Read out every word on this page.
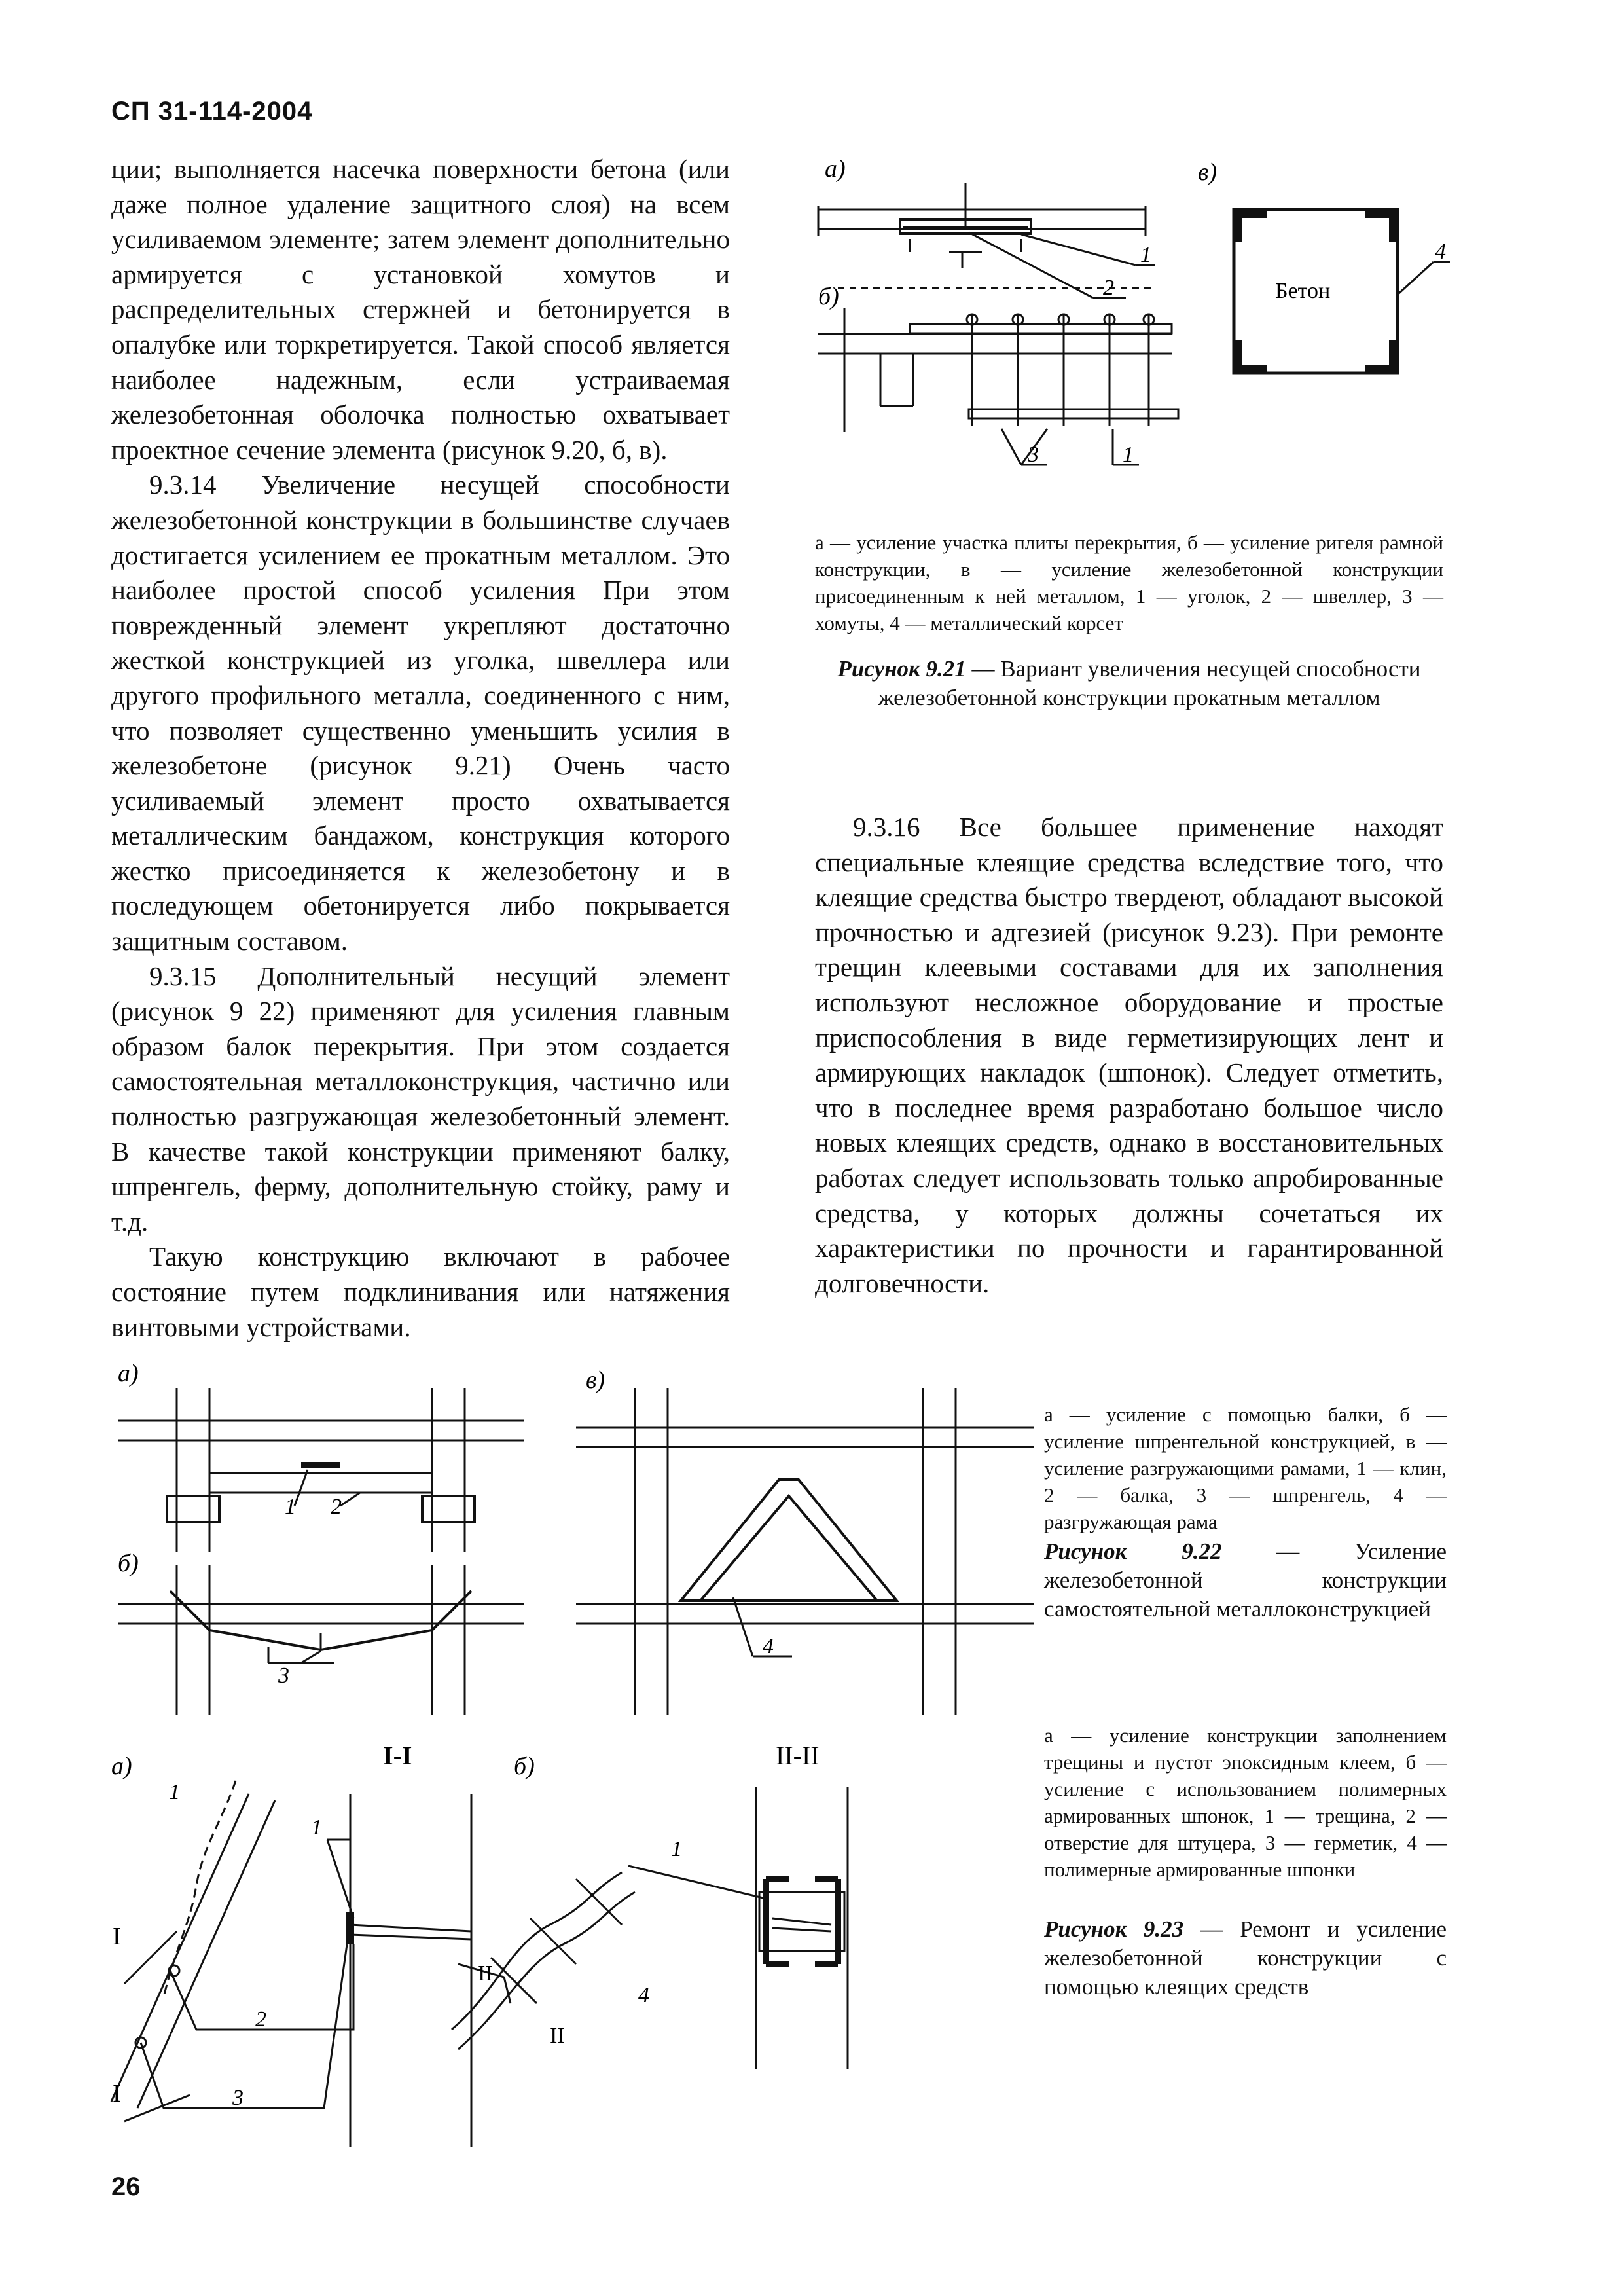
СП 31-114-2004

ции; выполняется насечка поверхности бетона (или даже полное удаление защитного слоя) на всем усиливаемом элементе; затем элемент дополнительно армируется с установкой хомутов и распределительных стержней и бетонируется в опалубке или торкретируется. Такой способ является наиболее надежным, если устраиваемая железобетонная оболочка полностью охватывает проектное сечение элемента (рисунок 9.20, б, в).

9.3.14 Увеличение несущей способности железобетонной конструкции в большинстве случаев достигается усилением ее прокатным металлом. Это наиболее простой способ усиления При этом поврежденный элемент укрепляют достаточно жесткой конструкцией из уголка, швеллера или другого профильного металла, соединенного с ним, что позволяет существенно уменьшить усилия в железобетоне (рисунок 9.21) Очень часто усиливаемый элемент просто охватывается металлическим бандажом, конструкция которого жестко присоединяется к железобетону и в последующем обетонируется либо покрывается защитным составом.

9.3.15 Дополнительный несущий элемент (рисунок 9 22) применяют для усиления главным образом балок перекрытия. При этом создается самостоятельная металлоконструкция, частично или полностью разгружающая железобетонный элемент. В качестве такой конструкции применяют балку, шпренгель, ферму, дополнительную стойку, раму и т.д.

Такую конструкцию включают в рабочее состояние путем подклинивания или натяжения винтовыми устройствами.

а)
б)
в)
Бетон
1
2
1
3
4

а — усиление участка плиты перекрытия, б — усиление ригеля рамной конструкции, в — усиление железобетонной конструкции присоединенным к ней металлом, 1 — уголок, 2 — швеллер, 3 — хомуты, 4 — металлический корсет

Рисунок 9.21 — Вариант увеличения несущей способности железобетонной конструкции прокатным металлом

9.3.16 Все большее применение находят специальные клеящие средства вследствие того, что клеящие средства быстро твердеют, обладают высокой прочностью и адгезией (рисунок 9.23). При ремонте трещин клеевыми составами для их заполнения используют несложное оборудование и простые приспособления в виде герметизирующих лент и армирующих накладок (шпонок). Следует отметить, что в последнее время разработано большое число новых клеящих средств, однако в восстановительных работах следует использовать только апробированные средства, у которых должны сочетаться их характеристики по прочности и гарантированной долговечности.

а)
б)
в)
1 2
3
4

а — усиление с помощью балки, б — усиление шпренгельной конструкцией, в — усиление разгружающими рамами, 1 — клин, 2 — балка, 3 — шпренгель, 4 — разгружающая рама

Рисунок 9.22 — Усиление железобетонной конструкции самостоятельной металлоконструкцией

а)	I-I	б)	II-II
I
I
II
II
1
1
2
3
1
4

а — усиление конструкции заполнением трещины и пустот эпоксидным клеем, б — усиление с использованием полимерных армированных шпонок, 1 — трещина, 2 — отверстие для штуцера, 3 — герметик, 4 — полимерные армированные шпонки

Рисунок 9.23 — Ремонт и усиление железобетонной конструкции с помощью клеящих средств

26
